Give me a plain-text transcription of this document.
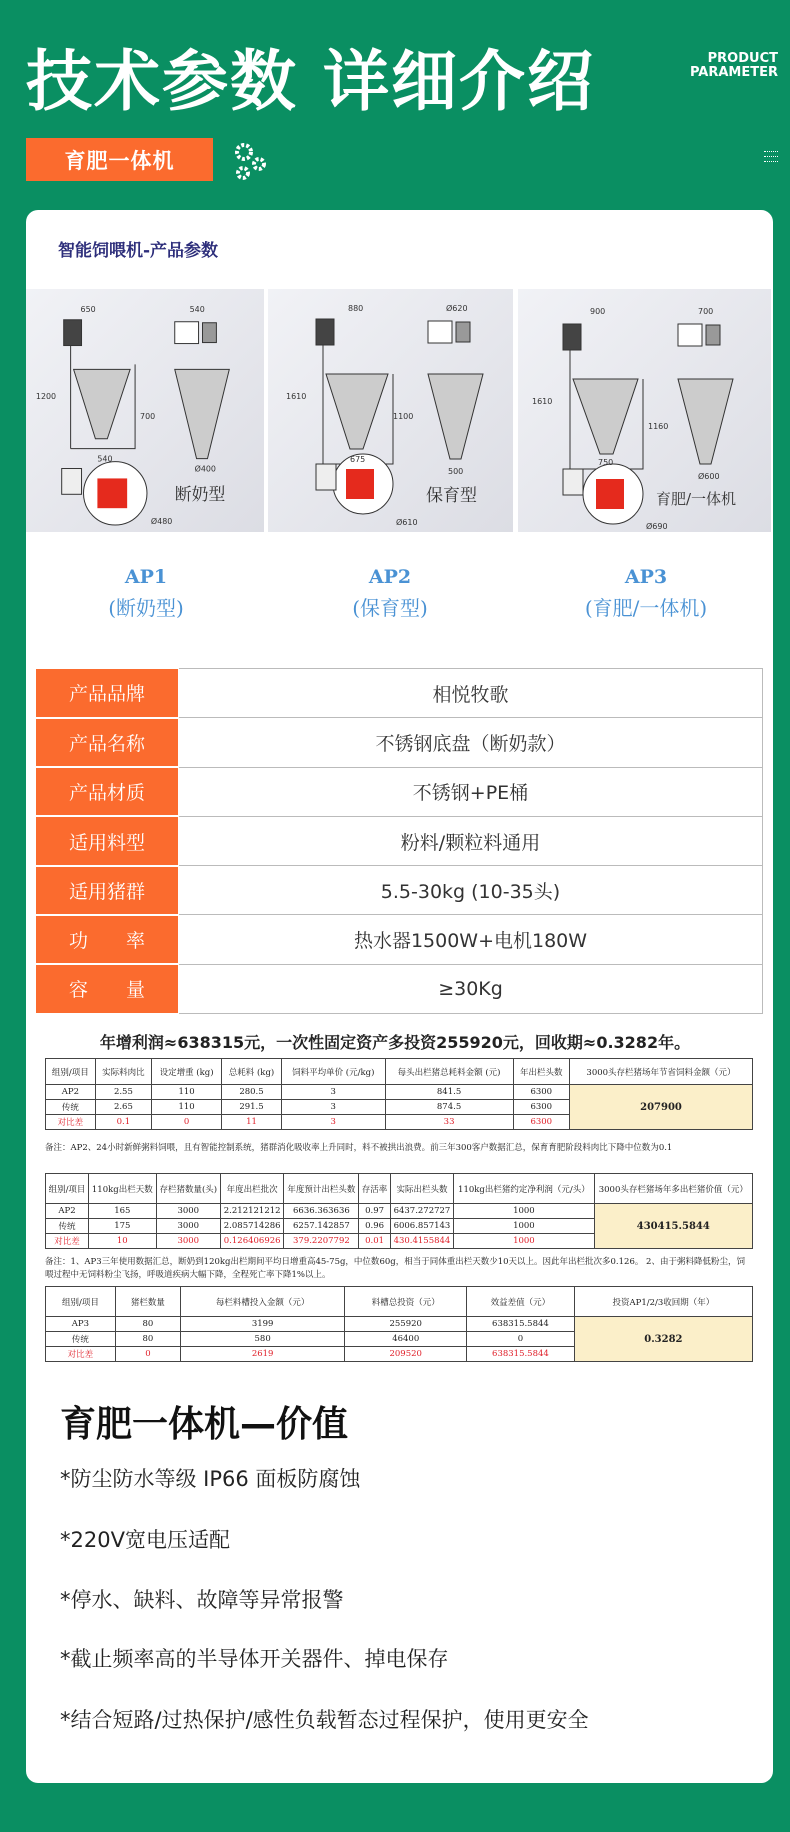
技术参数 详细介绍	PRODUCT
PARAMETER
育肥一体机
智能饲喂机-产品参数
650	540
1200
700
540
Ø400
Ø480
断奶型
880	Ø620
1610
1100
675
500
Ø610
保育型
900	700
1610
1160
750
Ø600
Ø690
育肥/一体机
AP1
(断奶型)
AP2
(保育型)
AP3
(育肥/一体机)
产品品牌	相悦牧歌
产品名称	不锈钢底盘（断奶款）
产品材质	不锈钢+PE桶
适用料型	粉料/颗粒料通用
适用猪群	5.5-30kg (10-35头)
功　　率	热水器1500W+电机180W
容　　量	≥30Kg
年增利润≈638315元，一次性固定资产多投资255920元，回收期≈0.3282年。
组别/项目	实际料肉比	设定增重 (kg)	总耗料 (kg)	饲料平均单价 (元/kg)	每头出栏猪总耗料金额 (元)	年出栏头数	3000头存栏猪场年节省饲料金额（元）
AP2	2.55	110	280.5	3	841.5	6300	207900
传统	2.65	110	291.5	3	874.5	6300	
对比差	0.1	0	11	3	33	6300	
备注：AP2、24小时新鲜粥料饲喂，且有智能控制系统，猪群消化吸收率上升同时，料不被拱出浪费。前三年300客户数据汇总，保育育肥阶段料肉比下降中位数为0.1
组别/项目	110kg出栏天数	存栏猪数量(头)	年度出栏批次	年度预计出栏头数	存活率	实际出栏头数	110kg出栏猪约定净利润（元/头）	3000头存栏猪场年多出栏猪价值（元）
AP2	165	3000	2.212121212	6636.363636	0.97	6437.272727	1000	430415.5844
传统	175	3000	2.085714286	6257.142857	0.96	6006.857143	1000	
对比差	10	3000	0.126406926	379.2207792	0.01	430.4155844	1000	
备注：1、AP3三年使用数据汇总，断奶到120kg出栏期间平均日增重高45-75g，中位数60g，相当于同体重出栏天数少10天以上。因此年出栏批次多0.126。 2、由于粥料降低粉尘，饲喂过程中无饲料粉尘飞扬，呼吸道疾病大幅下降，全程死亡率下降1%以上。
组别/项目	猪栏数量	每栏料槽投入金额（元）	料槽总投资（元）	效益差值（元）	投资AP1/2/3收回期（年）
AP3	80	3199	255920	638315.5844	0.3282
传统	80	580	46400	0	
对比差	0	2619	209520	638315.5844	
育肥一体机—价值
*防尘防水等级 IP66 面板防腐蚀
*220V宽电压适配
*停水、缺料、故障等异常报警
*截止频率高的半导体开关器件、掉电保存
*结合短路/过热保护/感性负载暂态过程保护，使用更安全
